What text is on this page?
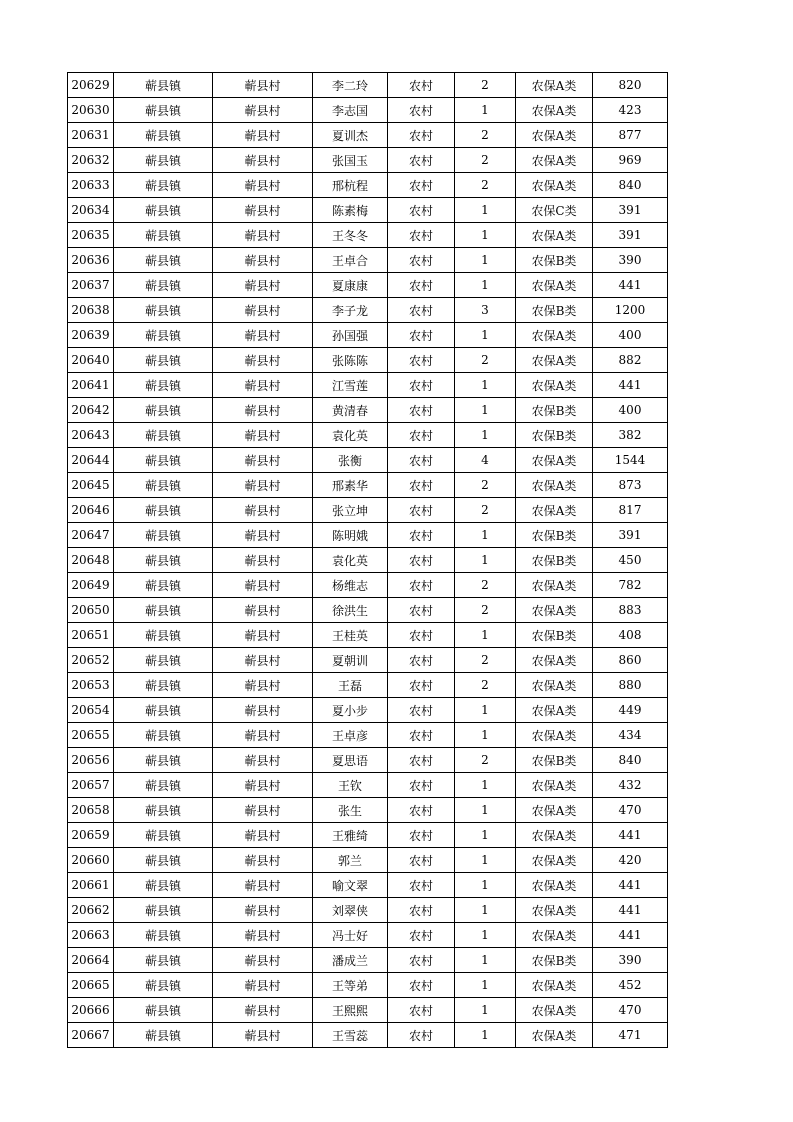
20629	蕲县镇	蕲县村	李二玲	农村	2	农保A类	820
20630	蕲县镇	蕲县村	李志国	农村	1	农保A类	423
20631	蕲县镇	蕲县村	夏训杰	农村	2	农保A类	877
20632	蕲县镇	蕲县村	张国玉	农村	2	农保A类	969
20633	蕲县镇	蕲县村	邢杭程	农村	2	农保A类	840
20634	蕲县镇	蕲县村	陈素梅	农村	1	农保C类	391
20635	蕲县镇	蕲县村	王冬冬	农村	1	农保A类	391
20636	蕲县镇	蕲县村	王卓合	农村	1	农保B类	390
20637	蕲县镇	蕲县村	夏康康	农村	1	农保A类	441
20638	蕲县镇	蕲县村	李子龙	农村	3	农保B类	1200
20639	蕲县镇	蕲县村	孙国强	农村	1	农保A类	400
20640	蕲县镇	蕲县村	张陈陈	农村	2	农保A类	882
20641	蕲县镇	蕲县村	江雪莲	农村	1	农保A类	441
20642	蕲县镇	蕲县村	黄清春	农村	1	农保B类	400
20643	蕲县镇	蕲县村	袁化英	农村	1	农保B类	382
20644	蕲县镇	蕲县村	张衡	农村	4	农保A类	1544
20645	蕲县镇	蕲县村	邢素华	农村	2	农保A类	873
20646	蕲县镇	蕲县村	张立坤	农村	2	农保A类	817
20647	蕲县镇	蕲县村	陈明娥	农村	1	农保B类	391
20648	蕲县镇	蕲县村	袁化英	农村	1	农保B类	450
20649	蕲县镇	蕲县村	杨维志	农村	2	农保A类	782
20650	蕲县镇	蕲县村	徐洪生	农村	2	农保A类	883
20651	蕲县镇	蕲县村	王桂英	农村	1	农保B类	408
20652	蕲县镇	蕲县村	夏朝训	农村	2	农保A类	860
20653	蕲县镇	蕲县村	王磊	农村	2	农保A类	880
20654	蕲县镇	蕲县村	夏小步	农村	1	农保A类	449
20655	蕲县镇	蕲县村	王卓彦	农村	1	农保A类	434
20656	蕲县镇	蕲县村	夏思语	农村	2	农保B类	840
20657	蕲县镇	蕲县村	王钦	农村	1	农保A类	432
20658	蕲县镇	蕲县村	张生	农村	1	农保A类	470
20659	蕲县镇	蕲县村	王雅绮	农村	1	农保A类	441
20660	蕲县镇	蕲县村	郭兰	农村	1	农保A类	420
20661	蕲县镇	蕲县村	喻文翠	农村	1	农保A类	441
20662	蕲县镇	蕲县村	刘翠侠	农村	1	农保A类	441
20663	蕲县镇	蕲县村	冯士好	农村	1	农保A类	441
20664	蕲县镇	蕲县村	潘成兰	农村	1	农保B类	390
20665	蕲县镇	蕲县村	王等弟	农村	1	农保A类	452
20666	蕲县镇	蕲县村	王熙熙	农村	1	农保A类	470
20667	蕲县镇	蕲县村	王雪蕊	农村	1	农保A类	471
